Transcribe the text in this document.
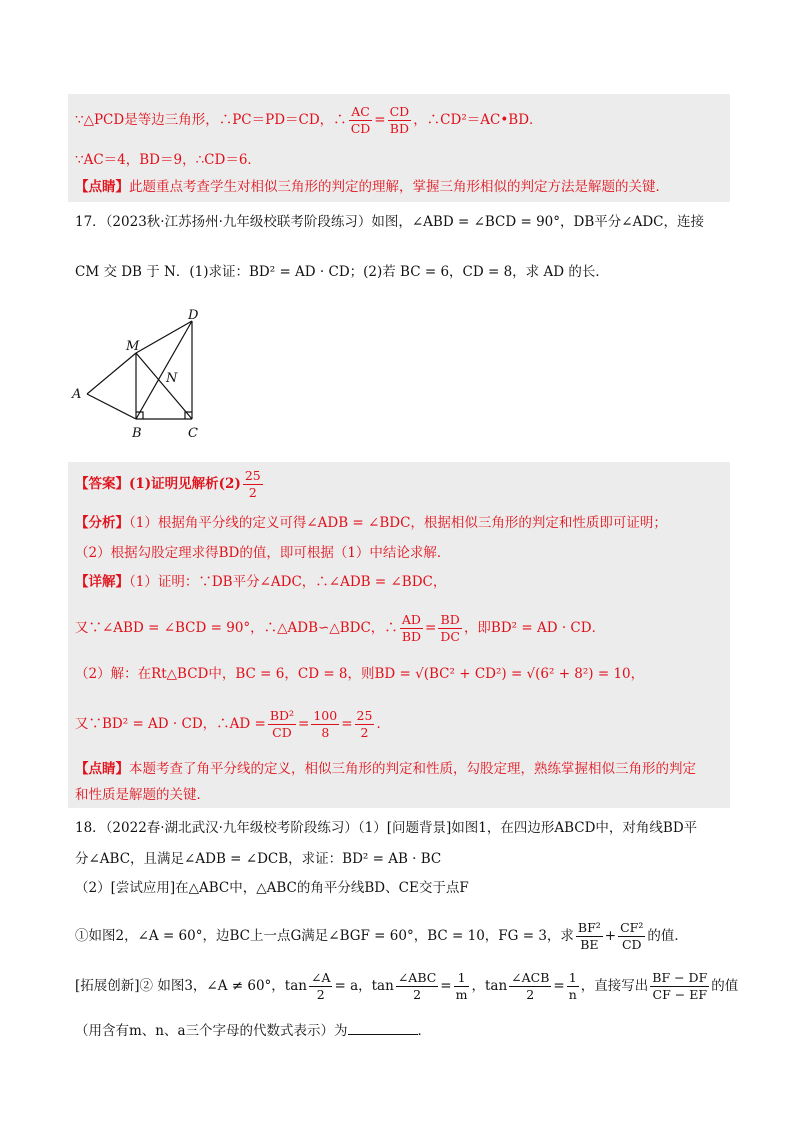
∵△PCD是等边三角形，∴PC＝PD＝CD，∴ $\frac{AC}{CD} = \frac{CD}{BD}$ ，∴CD²＝AC•BD．
∵AC＝4，BD＝9，∴CD＝6．
【点睛】此题重点考查学生对相似三角形的判定的理解，掌握三角形相似的判定方法是解题的关键．
17．（2023秋·江苏扬州·九年级校联考阶段练习）如图，∠ABD = ∠BCD = 90°，DB平分∠ADC，连接
CM 交 DB 于 N．(1)求证：BD² = AD · CD；(2)若 BC = 6，CD = 8，求 AD 的长．
D
M
N
A
B	C
【答案】(1)证明见解析$(2) \frac{25}{2}$
【分析】（1）根据角平分线的定义可得∠ADB = ∠BDC，根据相似三角形的判定和性质即可证明；
（2）根据勾股定理求得BD的值，即可根据（1）中结论求解．
【详解】（1）证明：∵DB平分∠ADC，∴∠ADB = ∠BDC，
又∵∠ABD = ∠BCD = 90°，∴△ADB∽△BDC，∴ $\frac{AD}{BD} = \frac{BD}{DC}$ ，即BD² = AD · CD．
（2）解：在Rt△BCD中，BC = 6，CD = 8，则BD = √(BC² + CD²) = √(6² + 8²) = 10，
又∵BD² = AD · CD，∴AD = $\frac{\text{BD²}}{CD} = \frac{100}{8} = \frac{25}{2}$ ．
【点睛】本题考查了角平分线的定义，相似三角形的判定和性质，勾股定理，熟练掌握相似三角形的判定
和性质是解题的关键．
18．（2022春·湖北武汉·九年级校考阶段练习）（1）[问题背景]如图1，在四边形ABCD中，对角线BD平
分∠ABC，且满足∠ADB = ∠DCB，求证：BD² = AB · BC
（2）[尝试应用]在△ABC中，△ABC的角平分线BD、CE交于点F
①如图2，∠A = 60°，边BC上一点G满足∠BGF = 60°，BC = 10，FG = 3，求 $\frac{\text{BF²}}{BE} + \frac{\text{CF²}}{CD}$ 的值．
[拓展创新]② 如图3，∠A ≠ 60°，$\tan \frac{\angle A}{2} = a$，$\tan \frac{\text{∠ABC}}{2} = \frac{1}{m}$ ，$\tan \frac{\text{∠ACB}}{2} = \frac{1}{n}$ ，直接写出 $\frac{BF - DF}{CF - EF}$ 的值
（用含有m、n、a三个字母的代数式表示）为	．
